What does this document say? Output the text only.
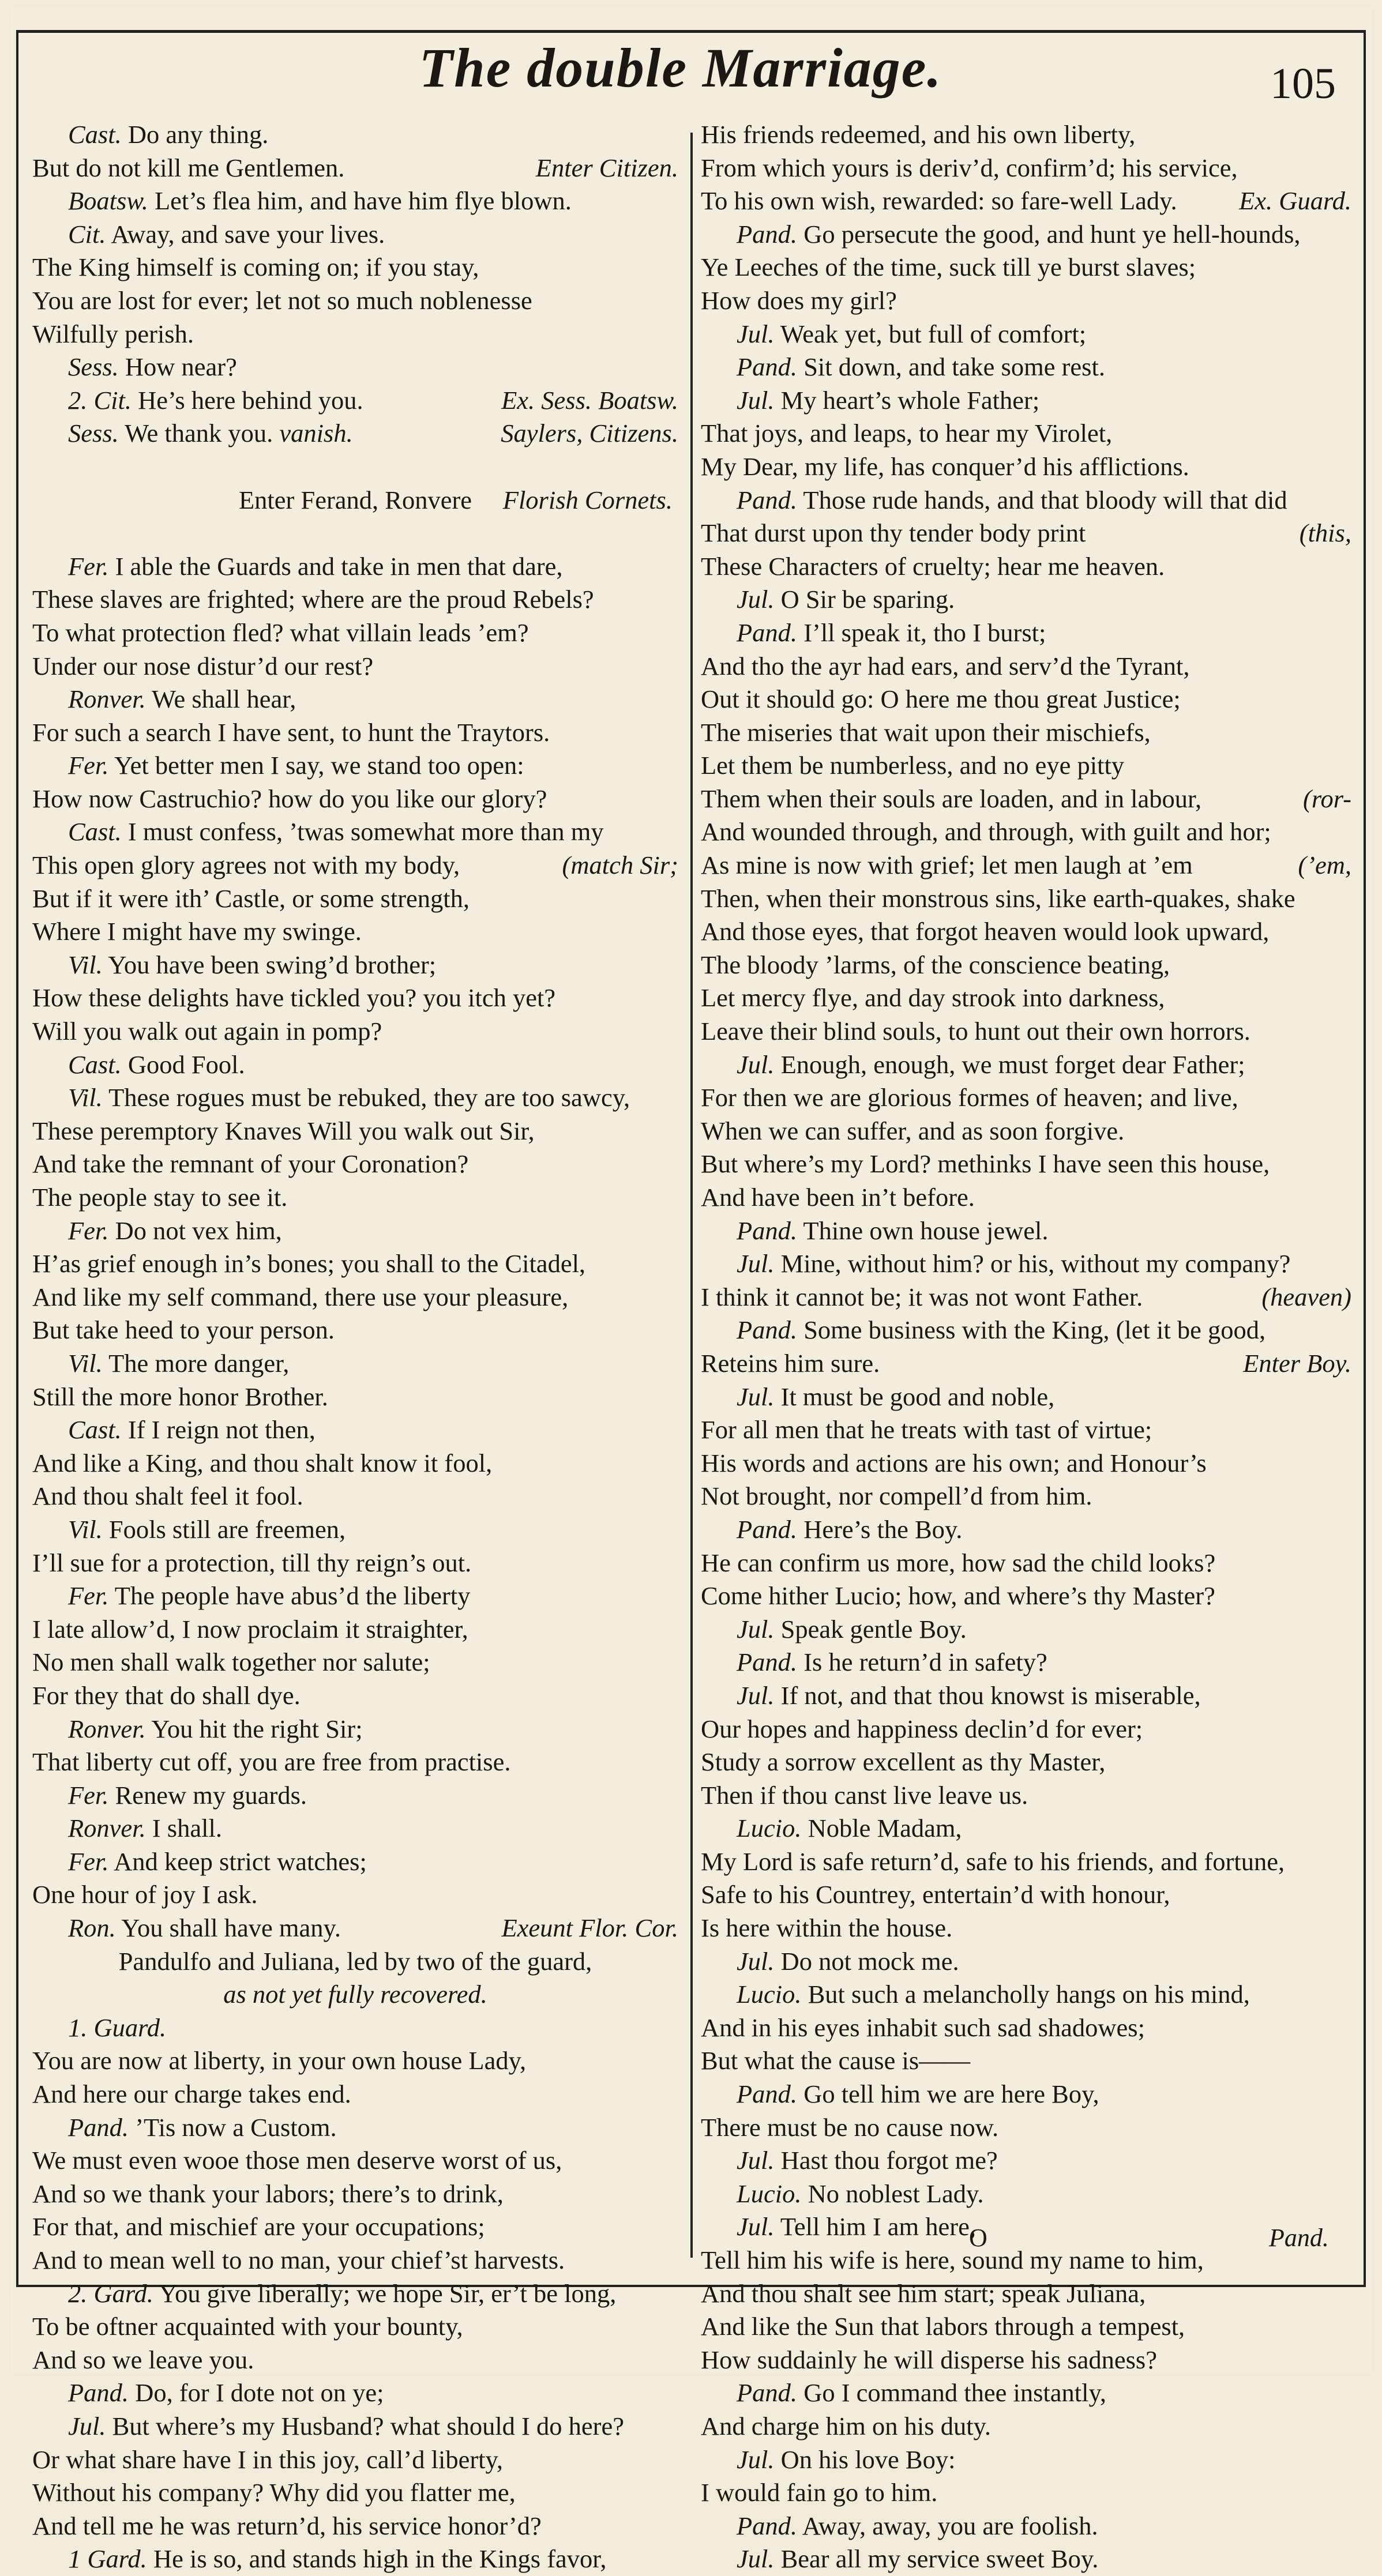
The double Marriage.	105
Cast. Do any thing.
But do not kill me Gentlemen.	Enter Citizen.
Boatsw. Let’s flea him, and have him flye blown.
Cit. Away, and save your lives.
The King himself is coming on; if you stay,
You are lost for ever; let not so much noblenesse
Wilfully perish.
Sess. How near?
2. Cit. He’s here behind you.	Ex. Sess. Boatsw.
Sess. We thank you. vanish.	Saylers, Citizens.
Enter Ferand, Ronvere Florish Cornets.
Fer. I able the Guards and take in men that dare,
These slaves are frighted; where are the proud Rebels?
To what protection fled? what villain leads ’em?
Under our nose distur’d our rest?
Ronver. We shall hear,
For such a search I have sent, to hunt the Traytors.
Fer. Yet better men I say, we stand too open:
How now Castruchio? how do you like our glory?
Cast. I must confess, ’twas somewhat more than my
This open glory agrees not with my body,	(match Sir;
But if it were ith’ Castle, or some strength,
Where I might have my swinge.
Vil. You have been swing’d brother;
How these delights have tickled you? you itch yet?
Will you walk out again in pomp?
Cast. Good Fool.
Vil. These rogues must be rebuked, they are too sawcy,
These peremptory Knaves Will you walk out Sir,
And take the remnant of your Coronation?
The people stay to see it.
Fer. Do not vex him,
H’as grief enough in’s bones; you shall to the Citadel,
And like my self command, there use your pleasure,
But take heed to your person.
Vil. The more danger,
Still the more honor Brother.
Cast. If I reign not then,
And like a King, and thou shalt know it fool,
And thou shalt feel it fool.
Vil. Fools still are freemen,
I’ll sue for a protection, till thy reign’s out.
Fer. The people have abus’d the liberty
I late allow’d, I now proclaim it straighter,
No men shall walk together nor salute;
For they that do shall dye.
Ronver. You hit the right Sir;
That liberty cut off, you are free from practise.
Fer. Renew my guards.
Ronver. I shall.
Fer. And keep strict watches;
One hour of joy I ask.
Ron. You shall have many.	Exeunt Flor. Cor.
Pandulfo and Juliana, led by two of the guard,
as not yet fully recovered.
1. Guard.
You are now at liberty, in your own house Lady,
And here our charge takes end.
Pand. ’Tis now a Custom.
We must even wooe those men deserve worst of us,
And so we thank your labors; there’s to drink,
For that, and mischief are your occupations;
And to mean well to no man, your chief’st harvests.
2. Gard. You give liberally; we hope Sir, er’t be long,
To be oftner acquainted with your bounty,
And so we leave you.
Pand. Do, for I dote not on ye;
Jul. But where’s my Husband? what should I do here?
Or what share have I in this joy, call’d liberty,
Without his company? Why did you flatter me,
And tell me he was return’d, his service honor’d?
1 Gard. He is so, and stands high in the Kings favor,
His friends redeemed, and his own liberty,
From which yours is deriv’d, confirm’d; his service,
To his own wish, rewarded: so fare-well Lady. Ex. Guard.
Pand. Go persecute the good, and hunt ye hell-hounds,
Ye Leeches of the time, suck till ye burst slaves;
How does my girl?
Jul. Weak yet, but full of comfort;
Pand. Sit down, and take some rest.
Jul. My heart’s whole Father;
That joys, and leaps, to hear my Virolet,
My Dear, my life, has conquer’d his afflictions.
Pand. Those rude hands, and that bloody will that did
That durst upon thy tender body print	(this,
These Characters of cruelty; hear me heaven.
Jul. O Sir be sparing.
Pand. I’ll speak it, tho I burst;
And tho the ayr had ears, and serv’d the Tyrant,
Out it should go: O here me thou great Justice;
The miseries that wait upon their mischiefs,
Let them be numberless, and no eye pitty
Them when their souls are loaden, and in labour,	(ror-
And wounded through, and through, with guilt and hor;
As mine is now with grief; let men laugh at ’em	(’em,
Then, when their monstrous sins, like earth-quakes, shake
And those eyes, that forgot heaven would look upward,
The bloody ’larms, of the conscience beating,
Let mercy flye, and day strook into darkness,
Leave their blind souls, to hunt out their own horrors.
Jul. Enough, enough, we must forget dear Father;
For then we are glorious formes of heaven; and live,
When we can suffer, and as soon forgive.
But where’s my Lord? methinks I have seen this house,
And have been in’t before.
Pand. Thine own house jewel.
Jul. Mine, without him? or his, without my company?
I think it cannot be; it was not wont Father.	(heaven)
Pand. Some business with the King, (let it be good,
Reteins him sure.	Enter Boy.
Jul. It must be good and noble,
For all men that he treats with tast of virtue;
His words and actions are his own; and Honour’s
Not brought, nor compell’d from him.
Pand. Here’s the Boy.
He can confirm us more, how sad the child looks?
Come hither Lucio; how, and where’s thy Master?
Jul. Speak gentle Boy.
Pand. Is he return’d in safety?
Jul. If not, and that thou knowst is miserable,
Our hopes and happiness declin’d for ever;
Study a sorrow excellent as thy Master,
Then if thou canst live leave us.
Lucio. Noble Madam,
My Lord is safe return’d, safe to his friends, and fortune,
Safe to his Countrey, entertain’d with honour,
Is here within the house.
Jul. Do not mock me.
Lucio. But such a melancholly hangs on his mind,
And in his eyes inhabit such sad shadowes;
But what the cause is——
Pand. Go tell him we are here Boy,
There must be no cause now.
Jul. Hast thou forgot me?
Lucio. No noblest Lady.
Jul. Tell him I am here,
Tell him his wife is here, sound my name to him,
And thou shalt see him start; speak Juliana,
And like the Sun that labors through a tempest,
How suddainly he will disperse his sadness?
Pand. Go I command thee instantly,
And charge him on his duty.
Jul. On his love Boy:
I would fain go to him.
Pand. Away, away, you are foolish.
Jul. Bear all my service sweet Boy.
O	Pand.
